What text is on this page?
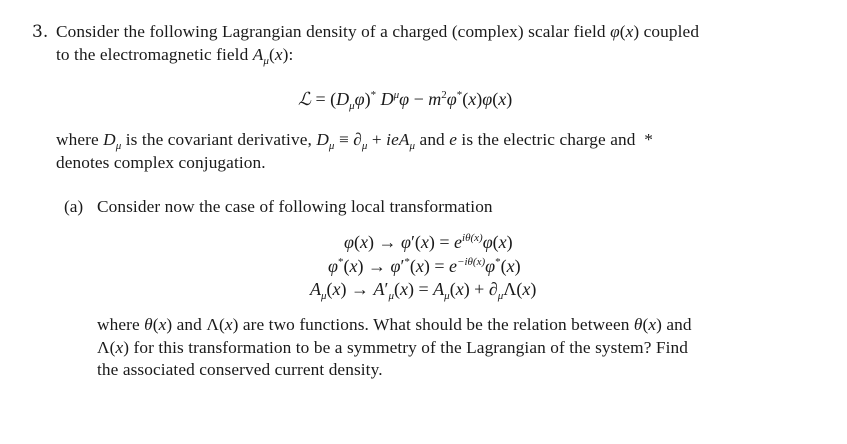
3. Consider the following Lagrangian density of a charged (complex) scalar field φ(x) coupled
to the electromagnetic field $A_\mu(x)$:
ℒ = $(D_\mu\varphi)^*$ $D^\mu\varphi - m^2\varphi^*(x)\varphi(x)$
where $D_\mu$ is the covariant derivative, $D_\mu \equiv \partial_\mu + ieA_\mu$ and e is the electric charge and  *
denotes complex conjugation.
(a) Consider now the case of following local transformation
$\varphi(x) \to \varphi'(x) = e^{i\theta(x)}\varphi(x)$
$\varphi^*(x) \to \varphi'^*(x) = e^{-i\theta(x)}\varphi^*(x)$
$A_\mu(x) \to A'_\mu(x) = A_\mu(x) + \partial_\mu\Lambda(x)$
where θ(x) and Λ(x) are two functions. What should be the relation between θ(x) and
Λ(x) for this transformation to be a symmetry of the Lagrangian of the system? Find
the associated conserved current density.
